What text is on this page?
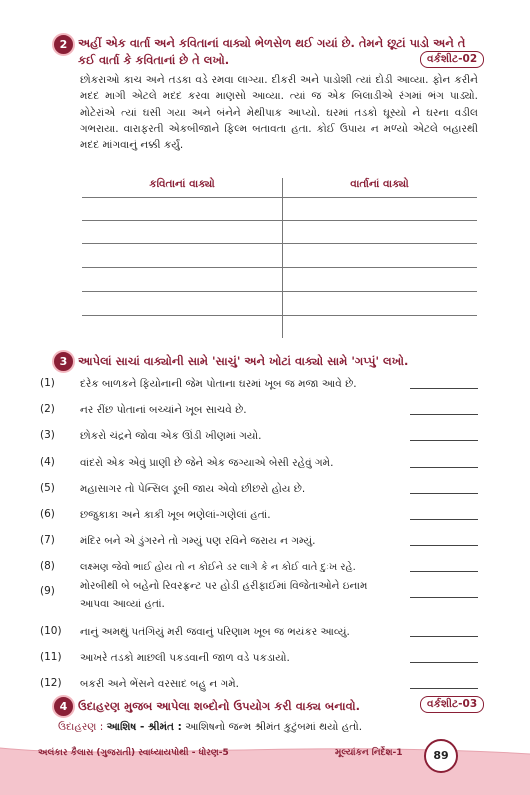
2 અહીં એક વાર્તા અને કવિતાનાં વાક્યો ભેળસેળ થઈ ગયાં છે. તેમને છૂટાં પાડો અને તે
કઈ વાર્તા કે કવિતાનાં છે તે લખો.	વર્કશીટ-02
છોકરાઓ કાચ અને તડકા વડે રમવા લાગ્યા. દીકરી અને પાડોશી ત્યાં દોડી આવ્યા. ફોન કરીને મદદ માગી એટલે મદદ કરવા માણસો આવ્યા. ત્યાં જ એક બિલાડીએ રંગમાં ભંગ પાડ્યો. મોટેરાંએ ત્યાં ઘસી ગયા અને બંનેને મેથીપાક આપ્યો. ઘરમાં તડકો ઘૂસ્યો ને ઘરના વડીલ ગભરાયા. વારાફરતી એકબીજાને ફિલ્મ બતાવતા હતા. કોઈ ઉપાય ન મળ્યો એટલે બહારથી મદદ માંગવાનું નક્કી કર્યું.
કવિતાનાં વાક્યો	વાર્તાનાં વાક્યો
3 આપેલાં સાચાં વાક્યોની સામે 'સાચું' અને ખોટાં વાક્યો સામે 'ગપ્પું' લખો.
(1) દરેક બાળકને ફિયોનાની જેમ પોતાના ઘરમાં ખૂબ જ મજા આવે છે.
(2) નર રીંછ પોતાનાં બચ્ચાંને ખૂબ સાચવે છે.
(3) છોકરો ચંદ્રને જોવા એક ઊંડી ખીણમાં ગયો.
(4) વાંદરો એક એવું પ્રાણી છે જેને એક જગ્યાએ બેસી રહેવું ગમે.
(5) મહાસાગર તો પેન્સિલ ડૂબી જાય એવો છીછરો હોય છે.
(6) છજુકાકા અને કાકી ખૂબ ભણેલાં-ગણેલાં હતાં.
(7) મંદિર બને એ ડુંગરને તો ગમ્યું પણ રવિને જરાય ન ગમ્યું.
(8)	લક્ષ્મણ જેવો ભાઈ હોય તો ન કોઈને ડર લાગે કે ન કોઈ વાતે દુઃખ રહે.
(9) મોરબીથી બે બહેનો રિવરફ્રન્ટ પર હોડી હરીફાઈમાં વિજેતાઓને ઇનામ
આપવા આવ્યાં હતાં.
(10) નાનું અમથું પતંગિયું મરી જવાનું પરિણામ ખૂબ જ ભયંકર આવ્યું.
(11) આખરે તડકો માછલી પકડવાની જાળ વડે પકડાયો.
(12) બકરી અને ભેંસને વરસાદ બહુ ન ગમે.
4 ઉદાહરણ મુજબ આપેલા શબ્દોનો ઉપયોગ કરી વાક્ય બનાવો.	વર્કશીટ-03
ઉદાહરણ : આશિષ - શ્રીમંત : આશિષનો જન્મ શ્રીમંત કુટુંબમાં થયો હતો.
અલંકાર કૈલાસ (ગુજરાતી) સ્વાધ્યાયપોથી - ધોરણ-5	મૂલ્યાંકન નિર્દેશ-1	89
